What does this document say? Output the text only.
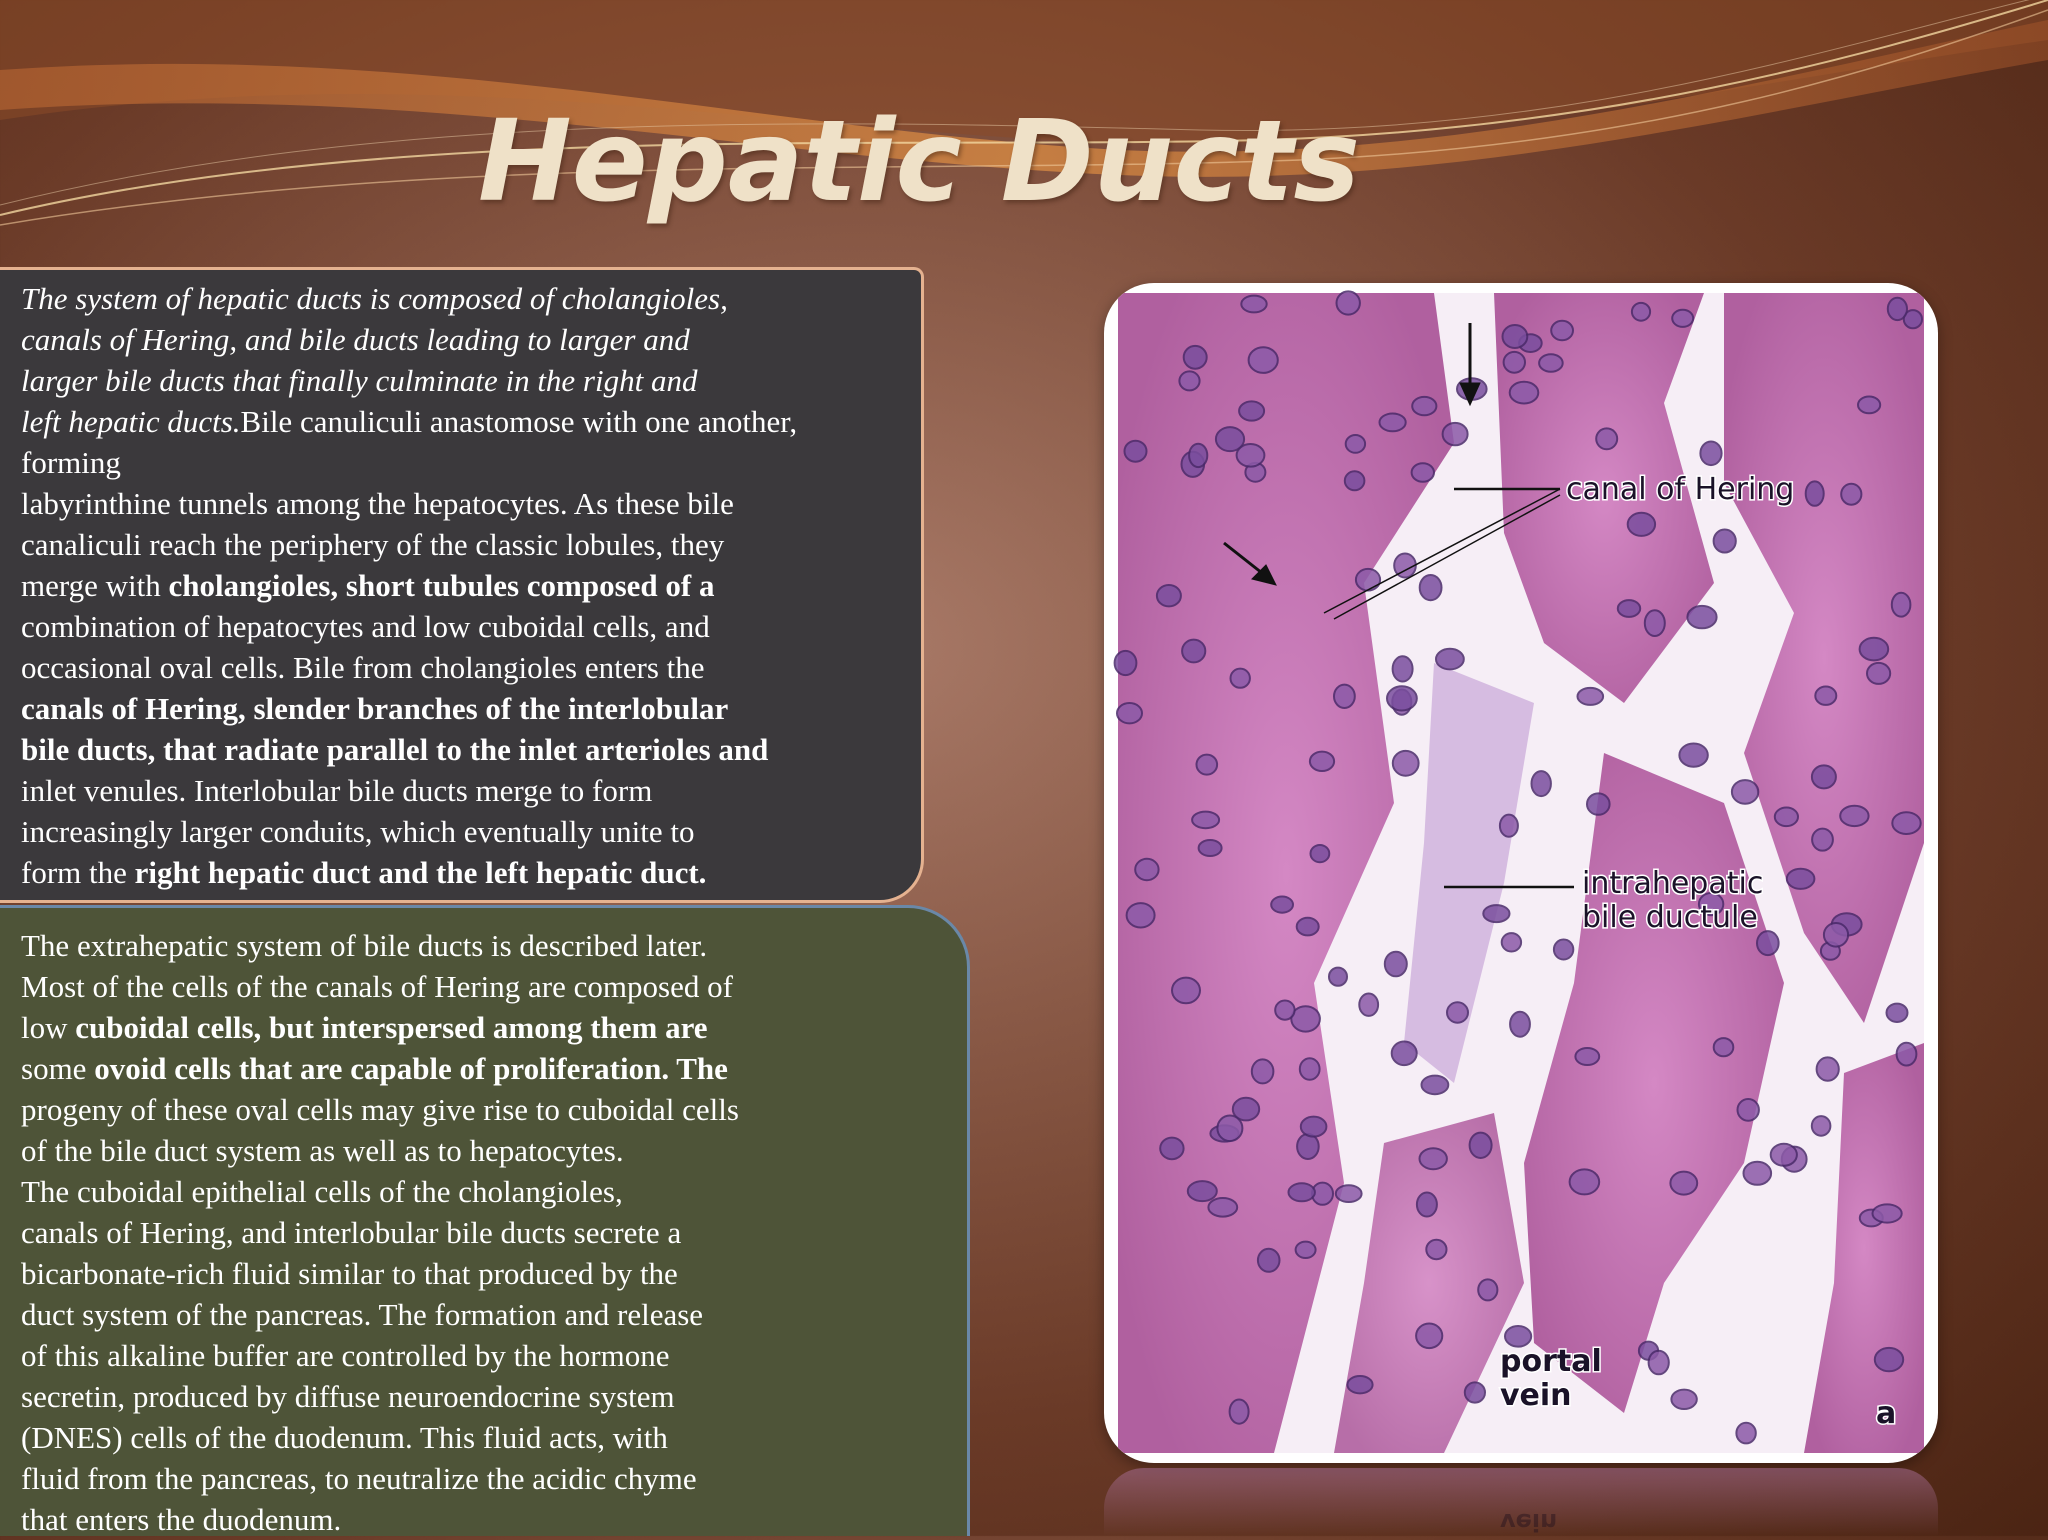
Hepatic Ducts
The system of hepatic ducts is composed of cholangioles,
canals of Hering, and bile ducts leading to larger and
larger bile ducts that finally culminate in the right and
left hepatic ducts.Bile canuliculi anastomose with one another,
forming
labyrinthine tunnels among the hepatocytes. As these bile
canaliculi reach the periphery of the classic lobules, they
merge with cholangioles, short tubules composed of a
combination of hepatocytes and low cuboidal cells, and
occasional oval cells. Bile from cholangioles enters the
canals of Hering, slender branches of the interlobular
bile ducts, that radiate parallel to the inlet arterioles and
inlet venules. Interlobular bile ducts merge to form
increasingly larger conduits, which eventually unite to
form the right hepatic duct and the left hepatic duct.
The extrahepatic system of bile ducts is described later.
Most of the cells of the canals of Hering are composed of
low cuboidal cells, but interspersed among them are
some ovoid cells that are capable of proliferation. The
progeny of these oval cells may give rise to cuboidal cells
of the bile duct system as well as to hepatocytes.
The cuboidal epithelial cells of the cholangioles,
canals of Hering, and interlobular bile ducts secrete a
bicarbonate-rich fluid similar to that produced by the
duct system of the pancreas. The formation and release
of this alkaline buffer are controlled by the hormone
secretin, produced by diffuse neuroendocrine system
(DNES) cells of the duodenum. This fluid acts, with
fluid from the pancreas, to neutralize the acidic chyme
that enters the duodenum.
canal of Hering
intrahepatic
bile ductule
portal
vein
a
vein
